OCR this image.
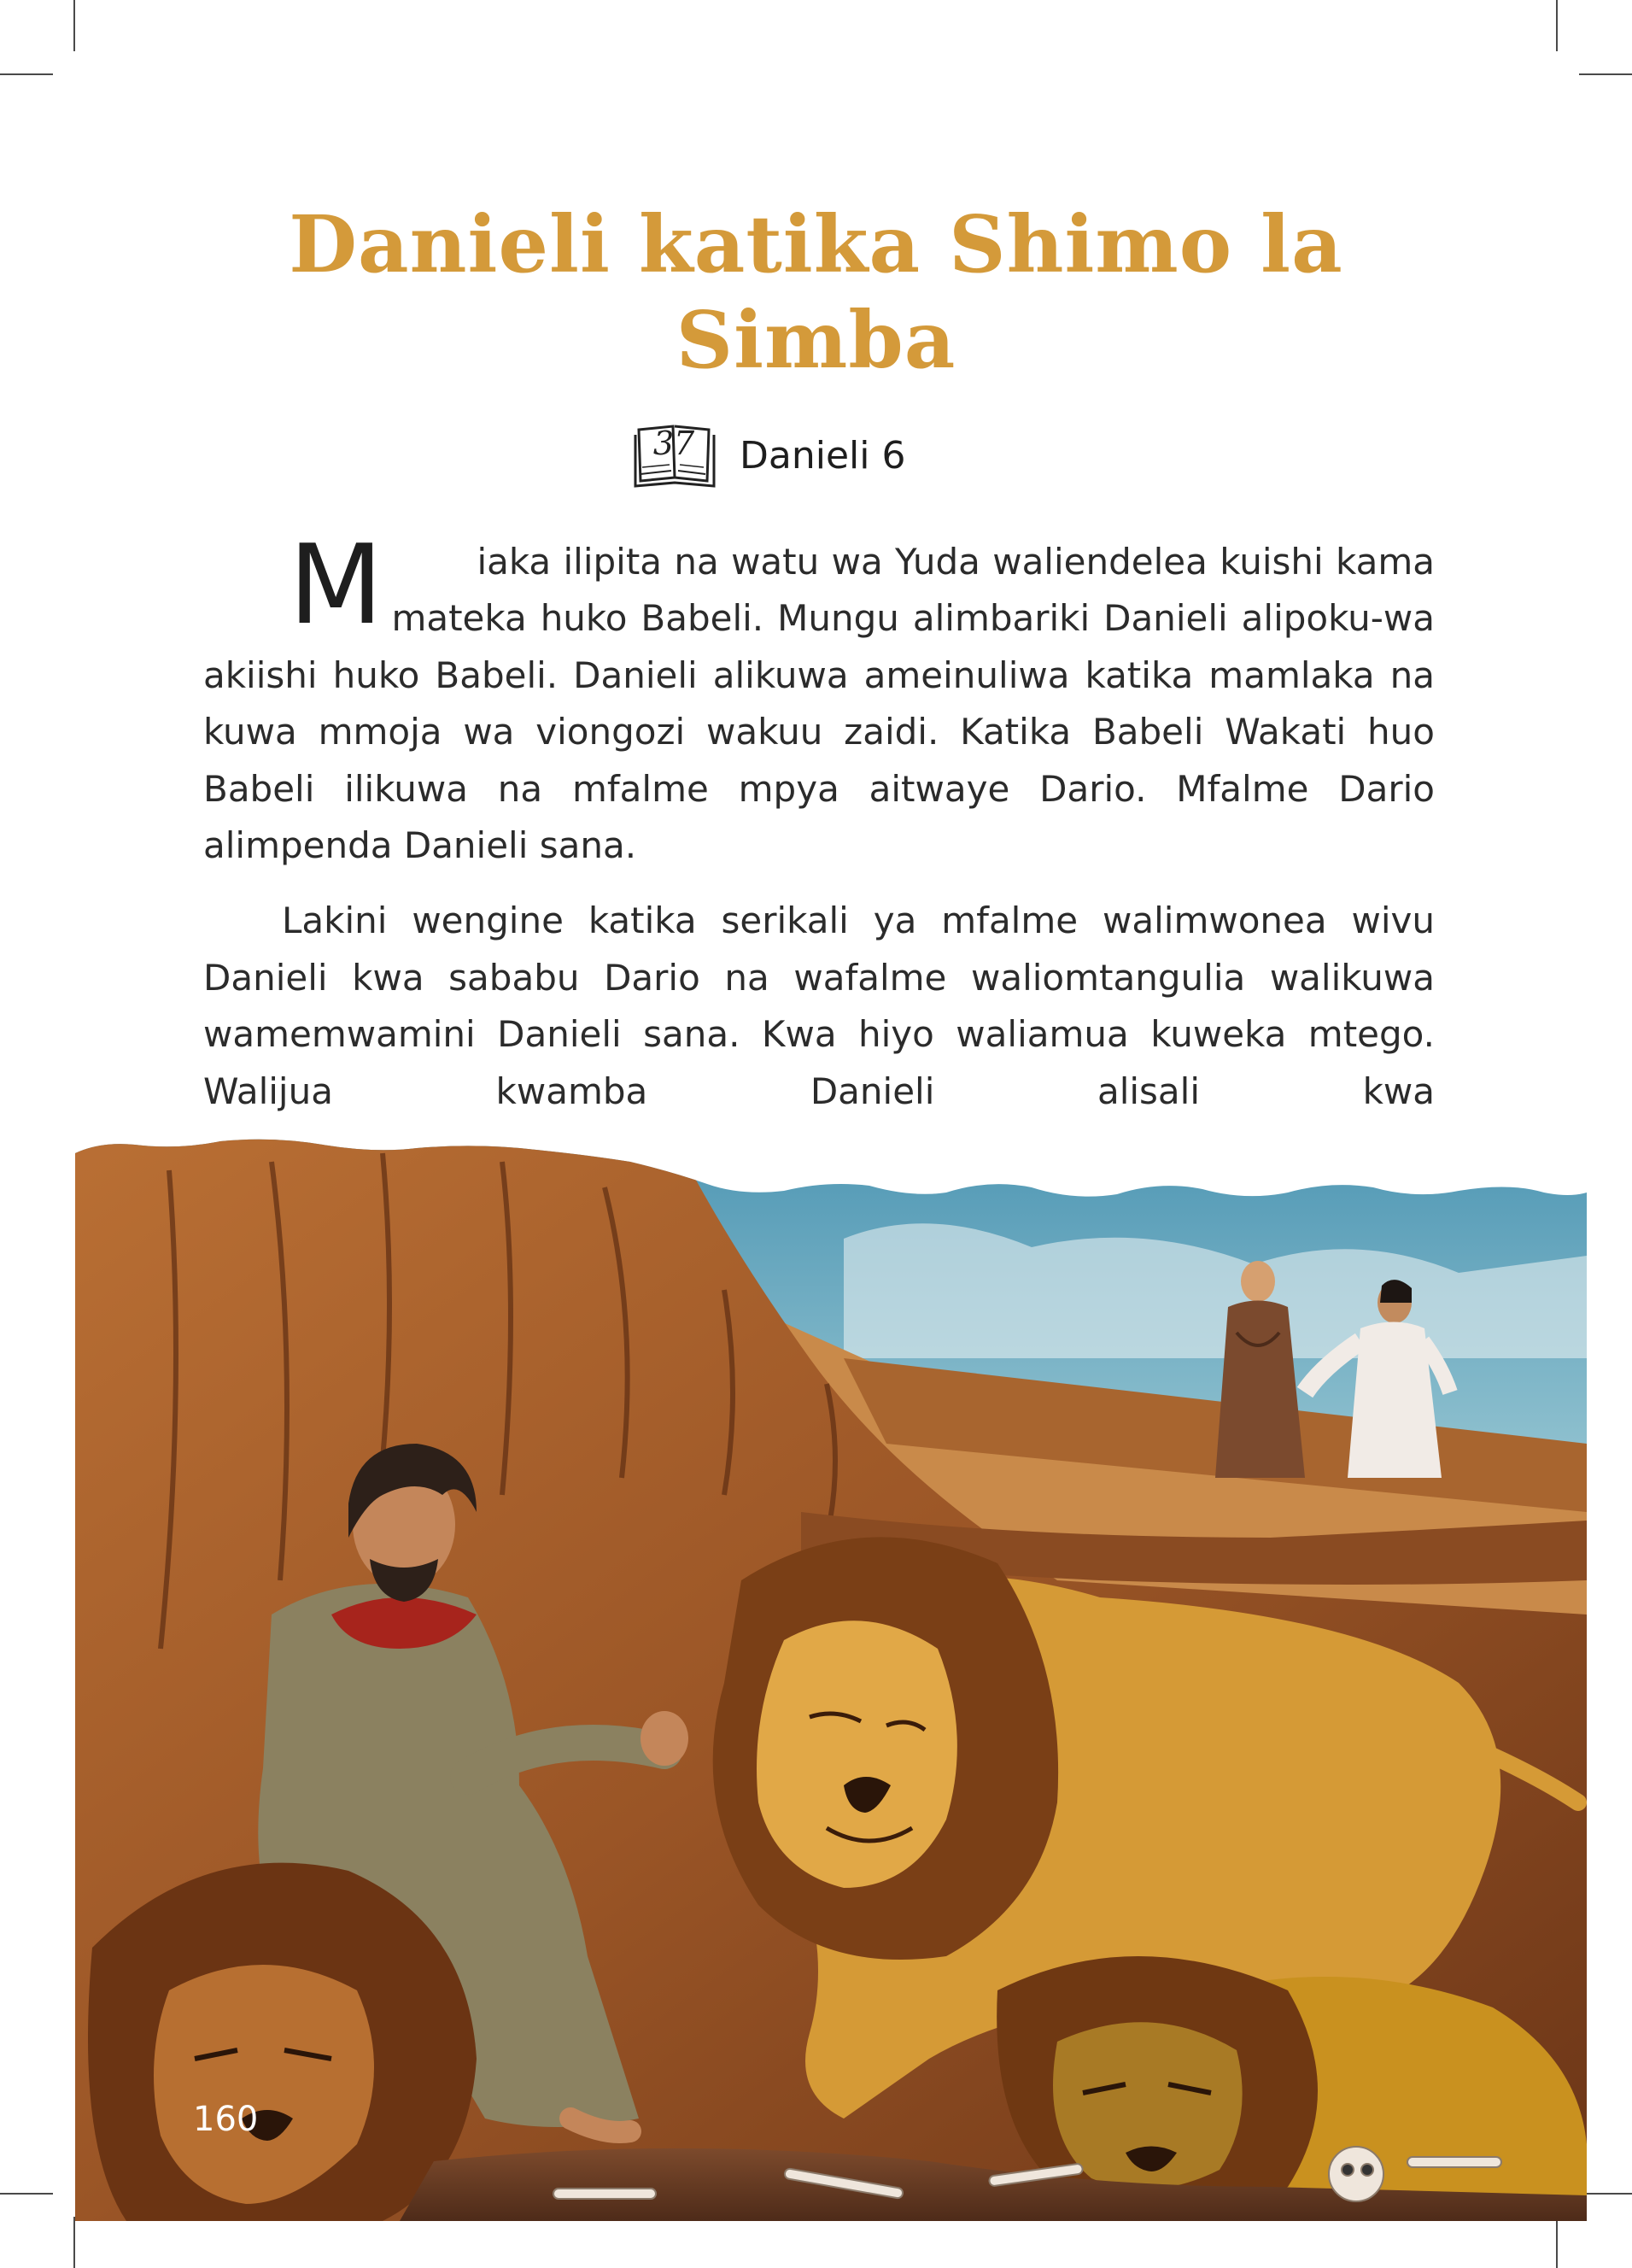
Danieli katika Shimo la
Simba
37 Danieli 6

M	iaka ilipita na watu wa Yuda waliendelea kuishi kama mateka huko Babeli. Mungu alimbariki Danieli alipoku-wa akiishi huko Babeli. Danieli alikuwa ameinuliwa katika mamlaka na kuwa mmoja wa viongozi wakuu zaidi. Katika Babeli Wakati huo Babeli ilikuwa na mfalme mpya aitwaye Dario. Mfalme Dario alimpenda Danieli sana.

Lakini wengine katika serikali ya mfalme walimwonea wivu Danieli kwa sababu Dario na wafalme waliomtangulia walikuwa wamemwamini Danieli sana. Kwa hiyo waliamua kuweka mtego. Walijua kwamba Danieli alisali kwa

160
